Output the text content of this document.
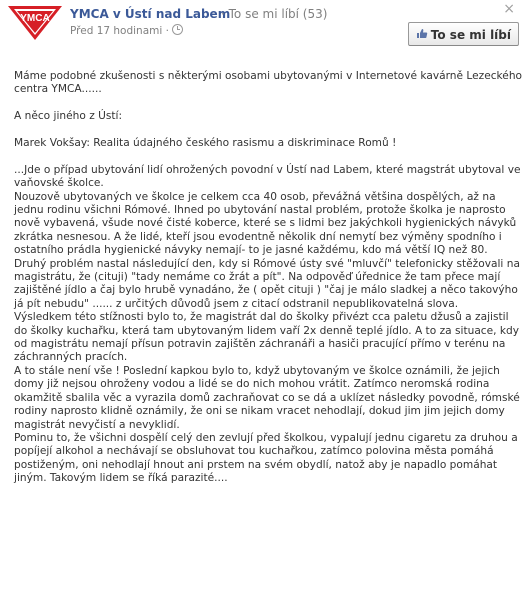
YMCA YMCA v Ústí nad Labem
· To se mi líbí (53)
Před 17 hodinami ·
×
To se mi líbí

Máme podobné zkušenosti s některými osobami ubytovanými v Internetové kavárně Lezeckého centra YMCA......

A něco jiného z Ústí:

Marek Vokšay: Realita údajného českého rasismu a diskriminace Romů !

...Jde o případ ubytování lidí ohrožených povodní v Ústí nad Labem, které magstrát ubytoval ve vaňovské školce.

Nouzově ubytovaných ve školce je celkem cca 40 osob, převážná většina dospělých, až na jednu rodinu všichni Rómové. Ihned po ubytování nastal problém, protože školka je naprosto nově vybavená, všude nové čisté koberce, které se s lidmi bez jakýchkoli hygienických návyků zkrátka nesnesou. A že lidé, kteří jsou evodentně několik dní nemytí bez výměny spodního i ostatního prádla hygienické návyky nemají- to je jasné každému, kdo má větší IQ než 80.

Druhý problém nastal následující den, kdy si Rómové ústy své "mluvčí" telefonicky stěžovali na magistrátu, že (cituji) "tady nemáme co žrát a pít". Na odpověď úřednice že tam přece mají zajištěné jídlo a čaj bylo hrubě vynadáno, že ( opět cituji ) "čaj je málo sladkej a něco takovýho já pít nebudu" ...... z určitých důvodů jsem z citací odstranil nepublikovatelná slova.

Výsledkem této stížnosti bylo to, že magistrát dal do školky přivézt cca paletu džusů a zajistil do školky kuchařku, která tam ubytovaným lidem vaří 2x denně teplé jídlo. A to za situace, kdy od magistrátu nemají přísun potravin zajištěn záchranáři a hasiči pracující přímo v terénu na záchranných pracích.

A to stále není vše ! Poslední kapkou bylo to, když ubytovaným ve školce oznámili, že jejich domy již nejsou ohroženy vodou a lidé se do nich mohou vrátit. Zatímco neromská rodina okamžitě sbalila věc a vyrazila domů zachraňovat co se dá a uklízet následky povodně, rómské rodiny naprosto klidně oznámily, že oni se nikam vracet nehodlají, dokud jim jim jejich domy magistrát nevyčistí a nevyklidí.

Pominu to, že všichni dospělí celý den zevlují před školkou, vypalují jednu cigaretu za druhou a popíjejí alkohol a nechávají se obsluhovat tou kuchařkou, zatímco polovina města pomáhá postiženým, oni nehodlají hnout ani prstem na svém obydlí, natož aby je napadlo pomáhat jiným. Takovým lidem se říká parazité....
